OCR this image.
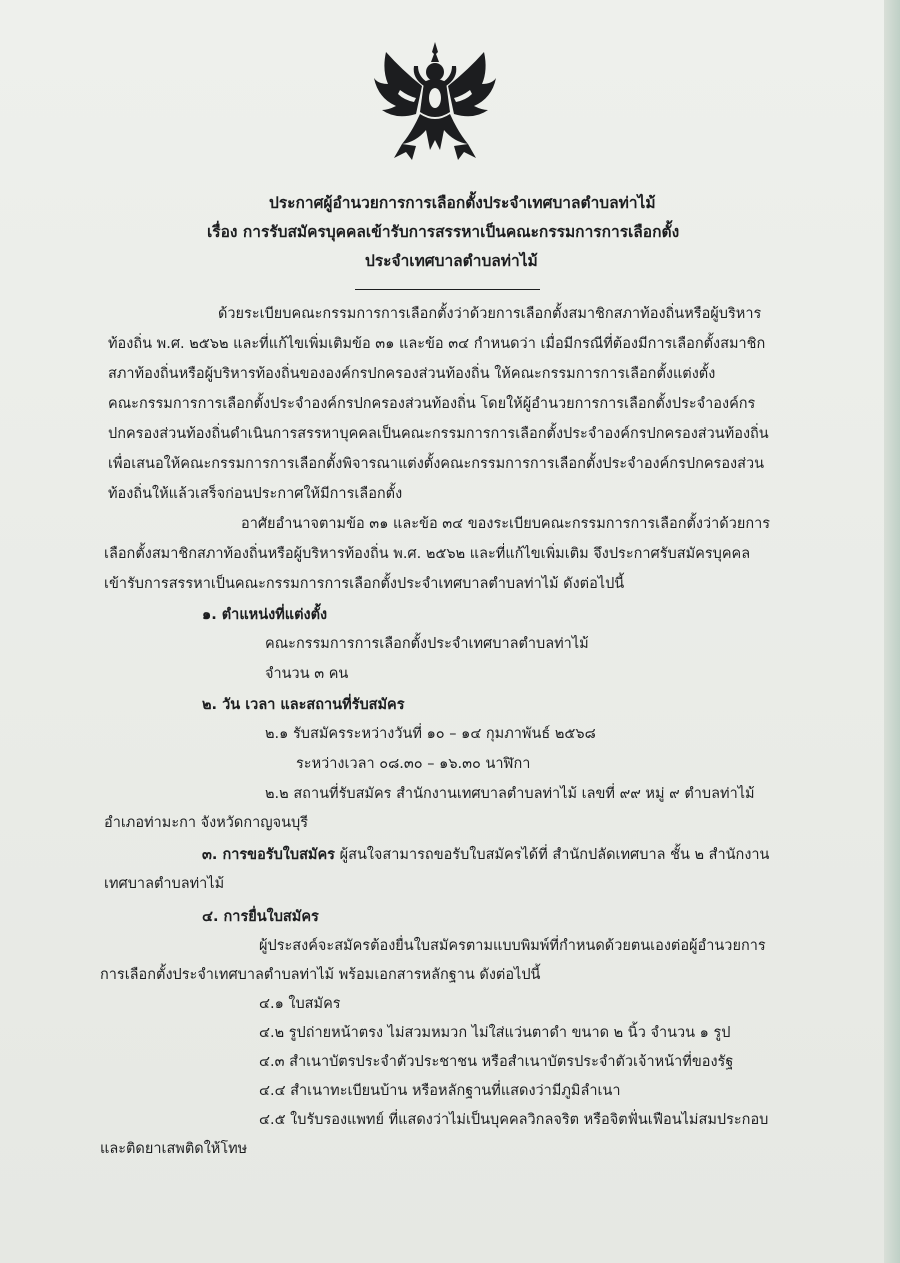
ประกาศผู้อำนวยการการเลือกตั้งประจำเทศบาลตำบลท่าไม้
เรื่อง การรับสมัครบุคคลเข้ารับการสรรหาเป็นคณะกรรมการการเลือกตั้ง
ประจำเทศบาลตำบลท่าไม้
ด้วยระเบียบคณะกรรมการการเลือกตั้งว่าด้วยการเลือกตั้งสมาชิกสภาท้องถิ่นหรือผู้บริหาร
ท้องถิ่น พ.ศ. ๒๕๖๒ และที่แก้ไขเพิ่มเติมข้อ ๓๑ และข้อ ๓๔ กำหนดว่า เมื่อมีกรณีที่ต้องมีการเลือกตั้งสมาชิก
สภาท้องถิ่นหรือผู้บริหารท้องถิ่นขององค์กรปกครองส่วนท้องถิ่น ให้คณะกรรมการการเลือกตั้งแต่งตั้ง
คณะกรรมการการเลือกตั้งประจำองค์กรปกครองส่วนท้องถิ่น โดยให้ผู้อำนวยการการเลือกตั้งประจำองค์กร
ปกครองส่วนท้องถิ่นดำเนินการสรรหาบุคคลเป็นคณะกรรมการการเลือกตั้งประจำองค์กรปกครองส่วนท้องถิ่น
เพื่อเสนอให้คณะกรรมการการเลือกตั้งพิจารณาแต่งตั้งคณะกรรมการการเลือกตั้งประจำองค์กรปกครองส่วน
ท้องถิ่นให้แล้วเสร็จก่อนประกาศให้มีการเลือกตั้ง
อาศัยอำนาจตามข้อ ๓๑ และข้อ ๓๔ ของระเบียบคณะกรรมการการเลือกตั้งว่าด้วยการ
เลือกตั้งสมาชิกสภาท้องถิ่นหรือผู้บริหารท้องถิ่น พ.ศ. ๒๕๖๒ และที่แก้ไขเพิ่มเติม จึงประกาศรับสมัครบุคคล
เข้ารับการสรรหาเป็นคณะกรรมการการเลือกตั้งประจำเทศบาลตำบลท่าไม้ ดังต่อไปนี้
๑. ตำแหน่งที่แต่งตั้ง
คณะกรรมการการเลือกตั้งประจำเทศบาลตำบลท่าไม้
จำนวน ๓ คน
๒. วัน เวลา และสถานที่รับสมัคร
๒.๑ รับสมัครระหว่างวันที่ ๑๐ – ๑๔ กุมภาพันธ์ ๒๕๖๘
ระหว่างเวลา ๐๘.๓๐ – ๑๖.๓๐ นาฬิกา
๒.๒ สถานที่รับสมัคร สำนักงานเทศบาลตำบลท่าไม้ เลขที่ ๙๙ หมู่ ๙ ตำบลท่าไม้
อำเภอท่ามะกา จังหวัดกาญจนบุรี
๓. การขอรับใบสมัคร ผู้สนใจสามารถขอรับใบสมัครได้ที่ สำนักปลัดเทศบาล ชั้น ๒ สำนักงาน
เทศบาลตำบลท่าไม้
๔. การยื่นใบสมัคร
ผู้ประสงค์จะสมัครต้องยื่นใบสมัครตามแบบพิมพ์ที่กำหนดด้วยตนเองต่อผู้อำนวยการ
การเลือกตั้งประจำเทศบาลตำบลท่าไม้ พร้อมเอกสารหลักฐาน ดังต่อไปนี้
๔.๑ ใบสมัคร
๔.๒ รูปถ่ายหน้าตรง ไม่สวมหมวก ไม่ใส่แว่นตาดำ ขนาด ๒ นิ้ว จำนวน ๑ รูป
๔.๓ สำเนาบัตรประจำตัวประชาชน หรือสำเนาบัตรประจำตัวเจ้าหน้าที่ของรัฐ
๔.๔ สำเนาทะเบียนบ้าน หรือหลักฐานที่แสดงว่ามีภูมิลำเนา
๔.๕ ใบรับรองแพทย์ ที่แสดงว่าไม่เป็นบุคคลวิกลจริต หรือจิตฟั่นเฟือนไม่สมประกอบ
และติดยาเสพติดให้โทษ
